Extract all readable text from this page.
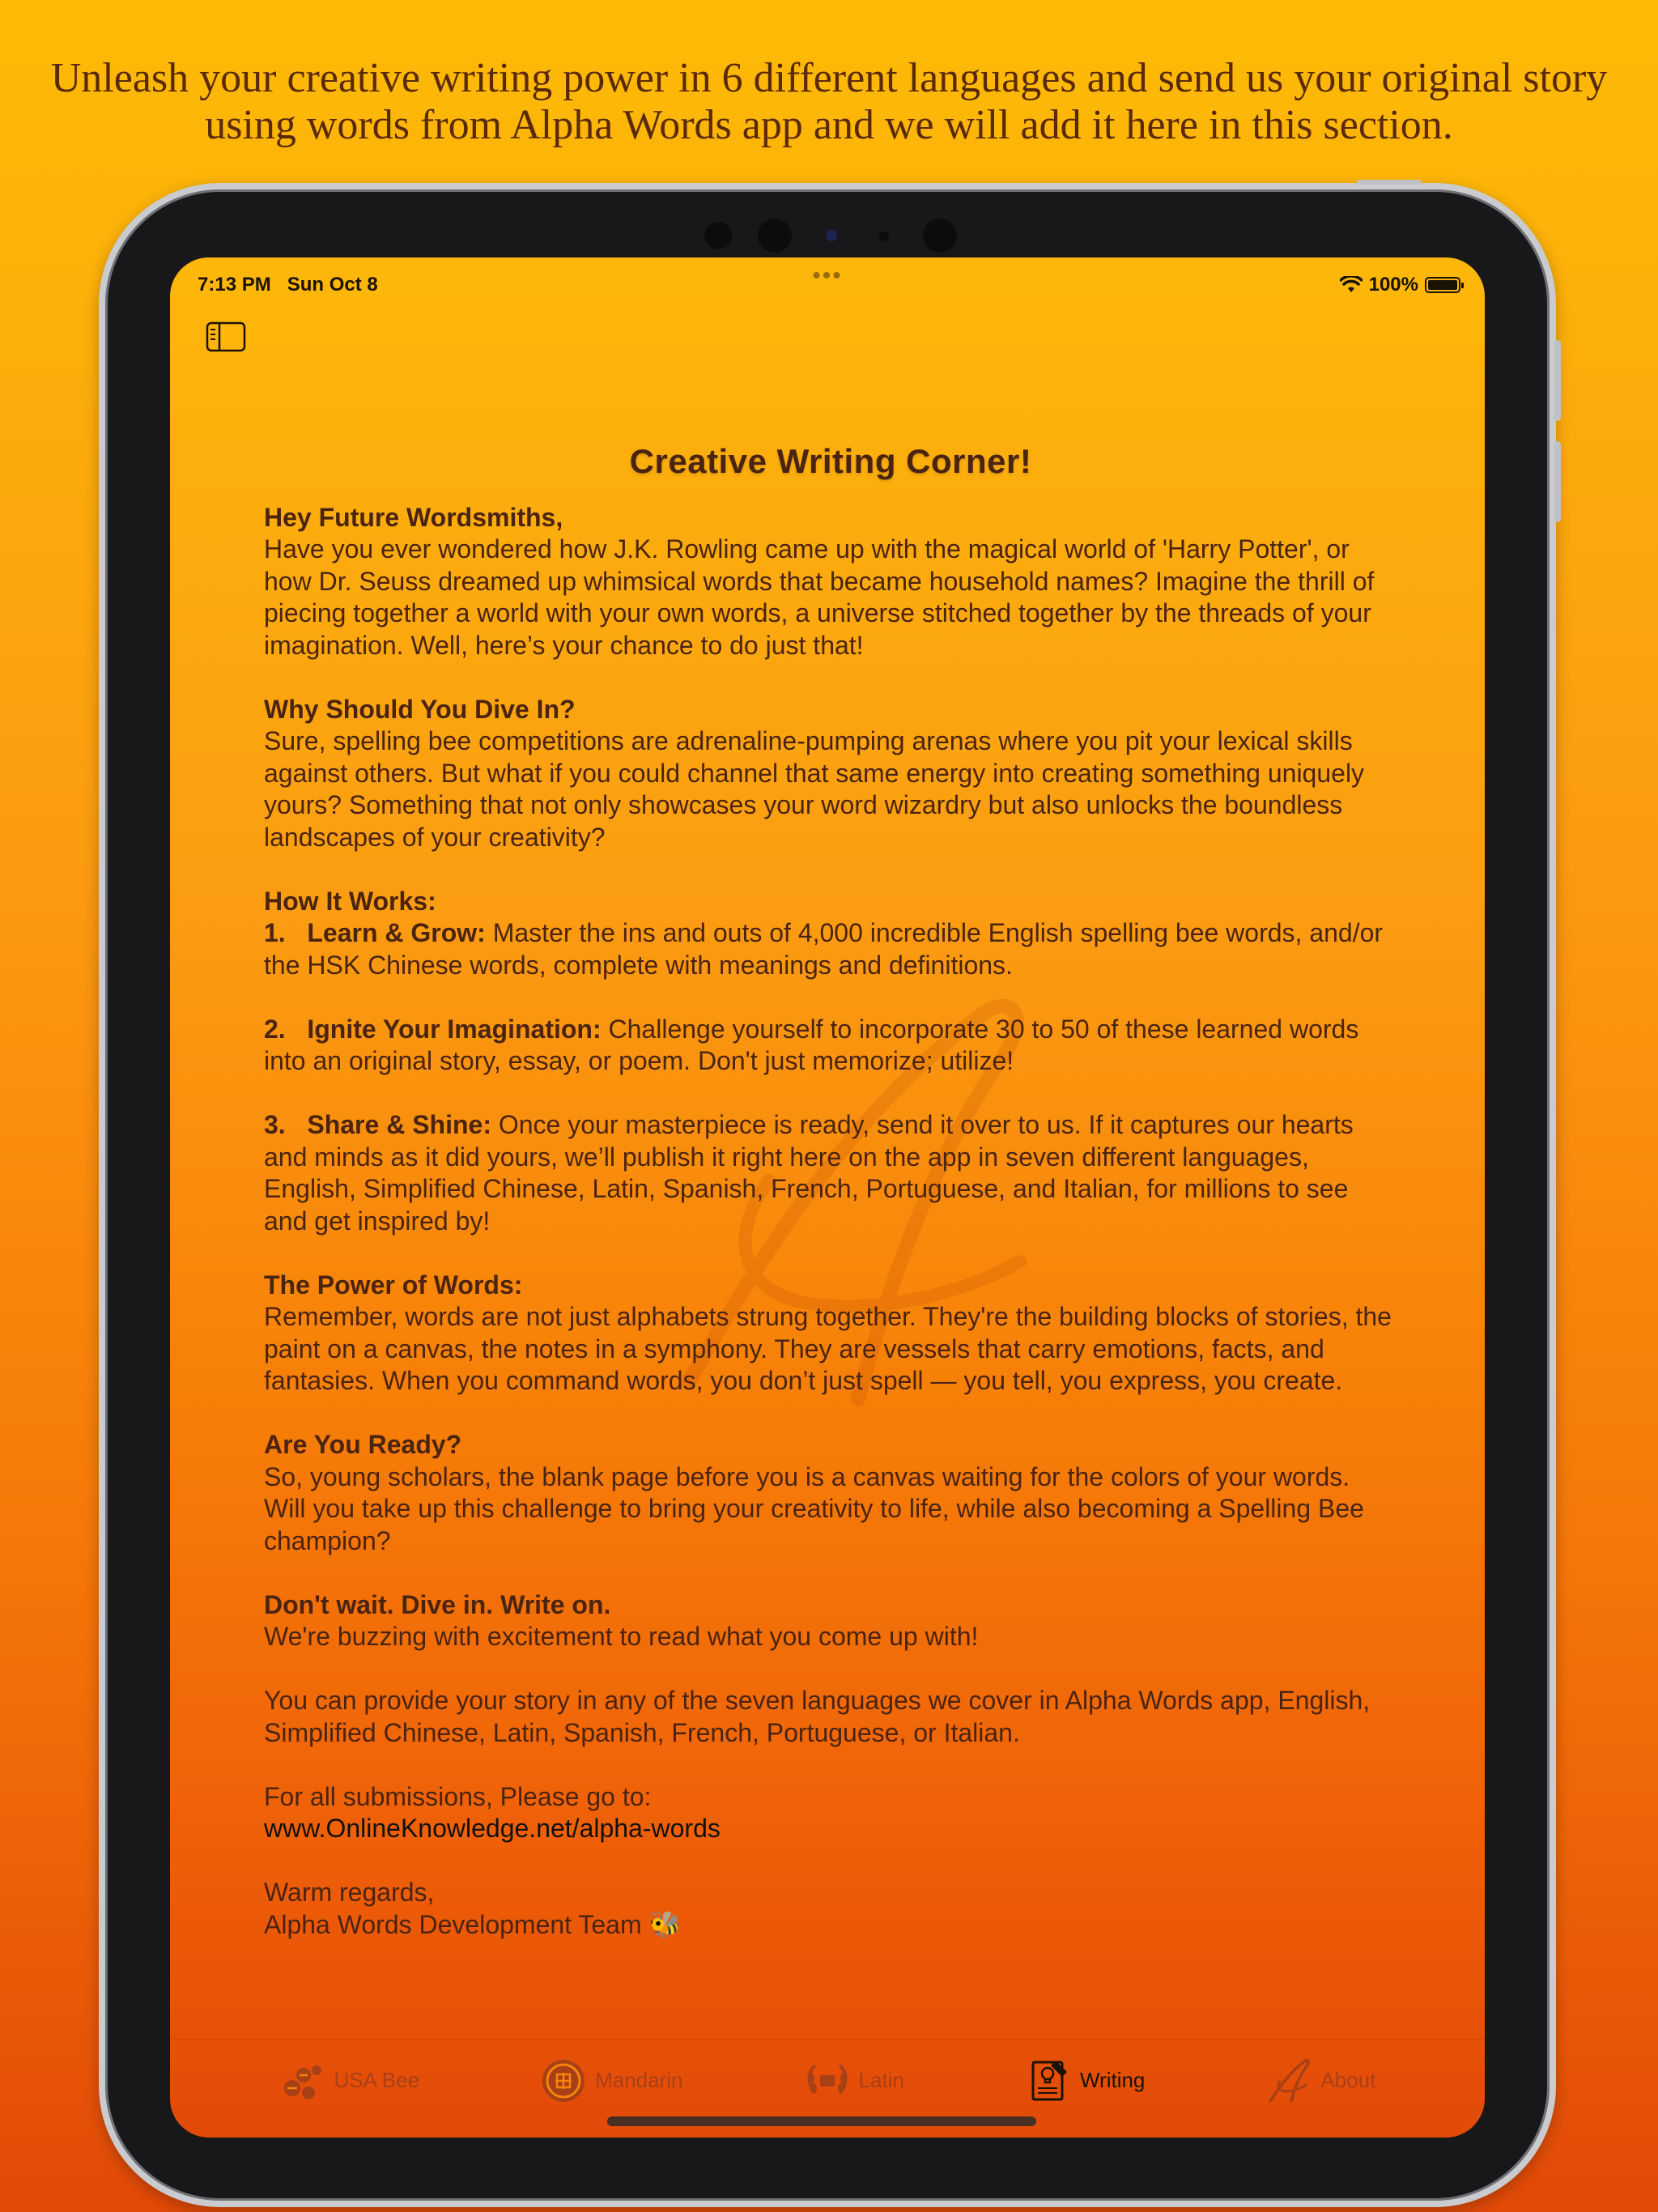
Unleash your creative writing power in 6 different languages and send us your original story
using words from Alpha Words app and we will add it here in this section.
7:13 PM Sun Oct 8	•••	100%
Creative Writing Corner!
Hey Future Wordsmiths,
Have you ever wondered how J.K. Rowling came up with the magical world of 'Harry Potter', or how Dr. Seuss dreamed up whimsical words that became household names? Imagine the thrill of piecing together a world with your own words, a universe stitched together by the threads of your imagination. Well, here’s your chance to do just that!
Why Should You Dive In?
Sure, spelling bee competitions are adrenaline-pumping arenas where you pit your lexical skills against others. But what if you could channel that same energy into creating something uniquely yours? Something that not only showcases your word wizardry but also unlocks the boundless landscapes of your creativity?
How It Works:
1. Learn & Grow: Master the ins and outs of 4,000 incredible English spelling bee words, and/or the HSK Chinese words, complete with meanings and definitions.
2. Ignite Your Imagination: Challenge yourself to incorporate 30 to 50 of these learned words into an original story, essay, or poem. Don't just memorize; utilize!
3. Share & Shine: Once your masterpiece is ready, send it over to us. If it captures our hearts and minds as it did yours, we’ll publish it right here on the app in seven different languages, English, Simplified Chinese, Latin, Spanish, French, Portuguese, and Italian, for millions to see and get inspired by!
The Power of Words:
Remember, words are not just alphabets strung together. They're the building blocks of stories, the paint on a canvas, the notes in a symphony. They are vessels that carry emotions, facts, and fantasies. When you command words, you don’t just spell — you tell, you express, you create.
Are You Ready?
So, young scholars, the blank page before you is a canvas waiting for the colors of your words. Will you take up this challenge to bring your creativity to life, while also becoming a Spelling Bee champion?
Don't wait. Dive in. Write on.
We're buzzing with excitement to read what you come up with!
You can provide your story in any of the seven languages we cover in Alpha Words app, English, Simplified Chinese, Latin, Spanish, French, Portuguese, or Italian.
For all submissions, Please go to:
www.OnlineKnowledge.net/alpha-words
Warm regards,
Alpha Words Development Team 🐝
USA Bee	Mandarin	Latin	Writing	About
